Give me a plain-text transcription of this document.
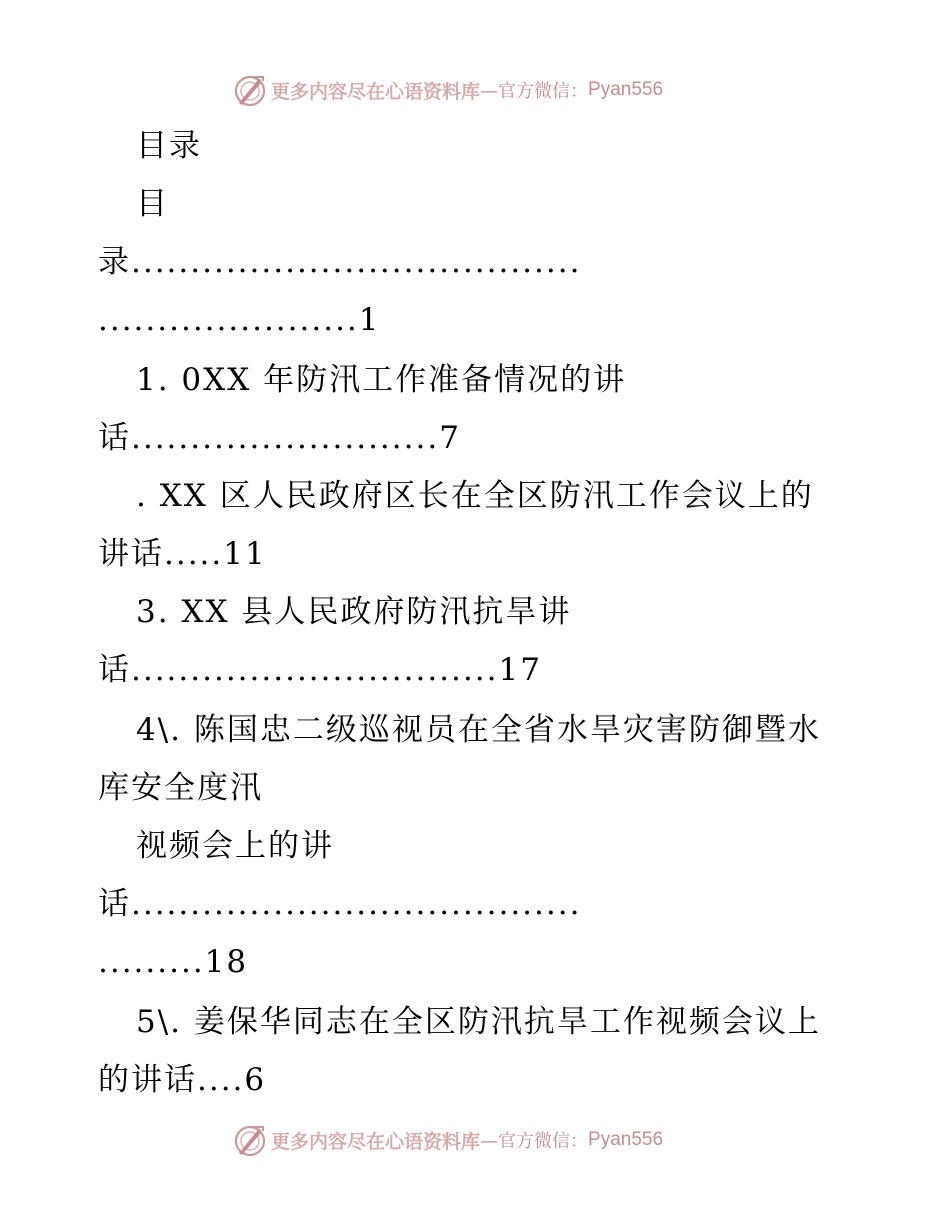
更多内容尽在心语资料库 —官方微信： Pyan556
目录
目
录......................................
......................1
1. 0XX 年防汛工作准备情况的讲
话..........................7
. XX 区人民政府区长在全区防汛工作会议上的
讲话.....11
3. XX 县人民政府防汛抗旱讲
话...............................17
4\. 陈国忠二级巡视员在全省水旱灾害防御暨水
库安全度汛
视频会上的讲
话......................................
.........18
5\. 姜保华同志在全区防汛抗旱工作视频会议上
的讲话....6
更多内容尽在心语资料库 —官方微信： Pyan556
